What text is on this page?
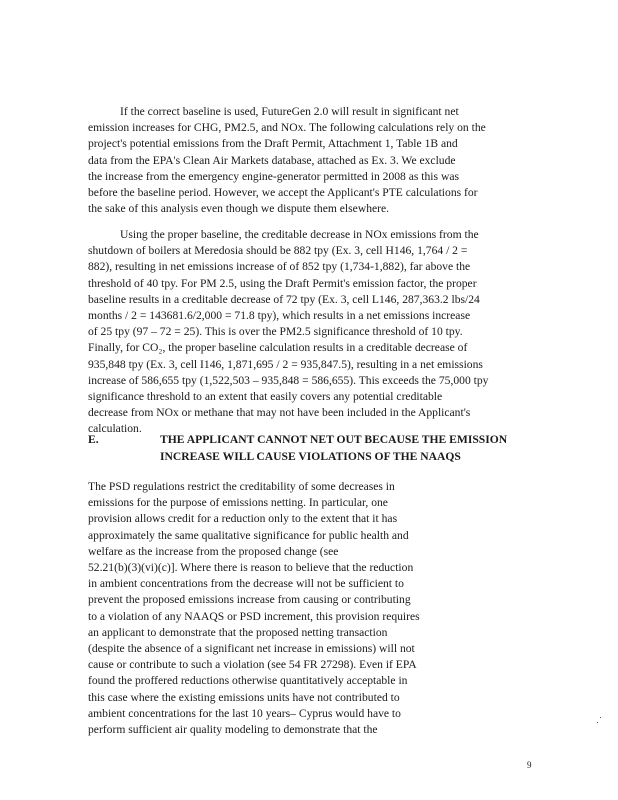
If the correct baseline is used, FutureGen 2.0 will result in significant net
emission increases for CHG, PM2.5, and NOx. The following calculations rely on the
project's potential emissions from the Draft Permit, Attachment 1, Table 1B and
data from the EPA's Clean Air Markets database, attached as Ex. 3. We exclude
the increase from the emergency engine-generator permitted in 2008 as this was
before the baseline period. However, we accept the Applicant's PTE calculations for
the sake of this analysis even though we dispute them elsewhere.
Using the proper baseline, the creditable decrease in NOx emissions from the
shutdown of boilers at Meredosia should be 882 tpy (Ex. 3, cell H146, 1,764 / 2 =
882), resulting in net emissions increase of of 852 tpy (1,734-1,882), far above the
threshold of 40 tpy. For PM 2.5, using the Draft Permit's emission factor, the proper
baseline results in a creditable decrease of 72 tpy (Ex. 3, cell L146, 287,363.2 lbs/24
months / 2 = 143681.6/2,000 = 71.8 tpy), which results in a net emissions increase
of 25 tpy (97 – 72 = 25). This is over the PM2.5 significance threshold of 10 tpy.
Finally, for CO₂, the proper baseline calculation results in a creditable decrease of
935,848 tpy (Ex. 3, cell I146, 1,871,695 / 2 = 935,847.5), resulting in a net emissions
increase of 586,655 tpy (1,522,503 – 935,848 = 586,655). This exceeds the 75,000 tpy
significance threshold to an extent that easily covers any potential creditable
decrease from NOx or methane that may not have been included in the Applicant's
calculation.
E.	THE APPLICANT CANNOT NET OUT BECAUSE THE EMISSION
INCREASE WILL CAUSE VIOLATIONS OF THE NAAQS
The PSD regulations restrict the creditability of some decreases in
emissions for the purpose of emissions netting. In particular, one
provision allows credit for a reduction only to the extent that it has
approximately the same qualitative significance for public health and
welfare as the increase from the proposed change (see
52.21(b)(3)(vi)(c)]. Where there is reason to believe that the reduction
in ambient concentrations from the decrease will not be sufficient to
prevent the proposed emissions increase from causing or contributing
to a violation of any NAAQS or PSD increment, this provision requires
an applicant to demonstrate that the proposed netting transaction
(despite the absence of a significant net increase in emissions) will not
cause or contribute to such a violation (see 54 FR 27298). Even if EPA
found the proffered reductions otherwise quantitatively acceptable in
this case where the existing emissions units have not contributed to
ambient concentrations for the last 10 years– Cyprus would have to
perform sufficient air quality modeling to demonstrate that the
9
